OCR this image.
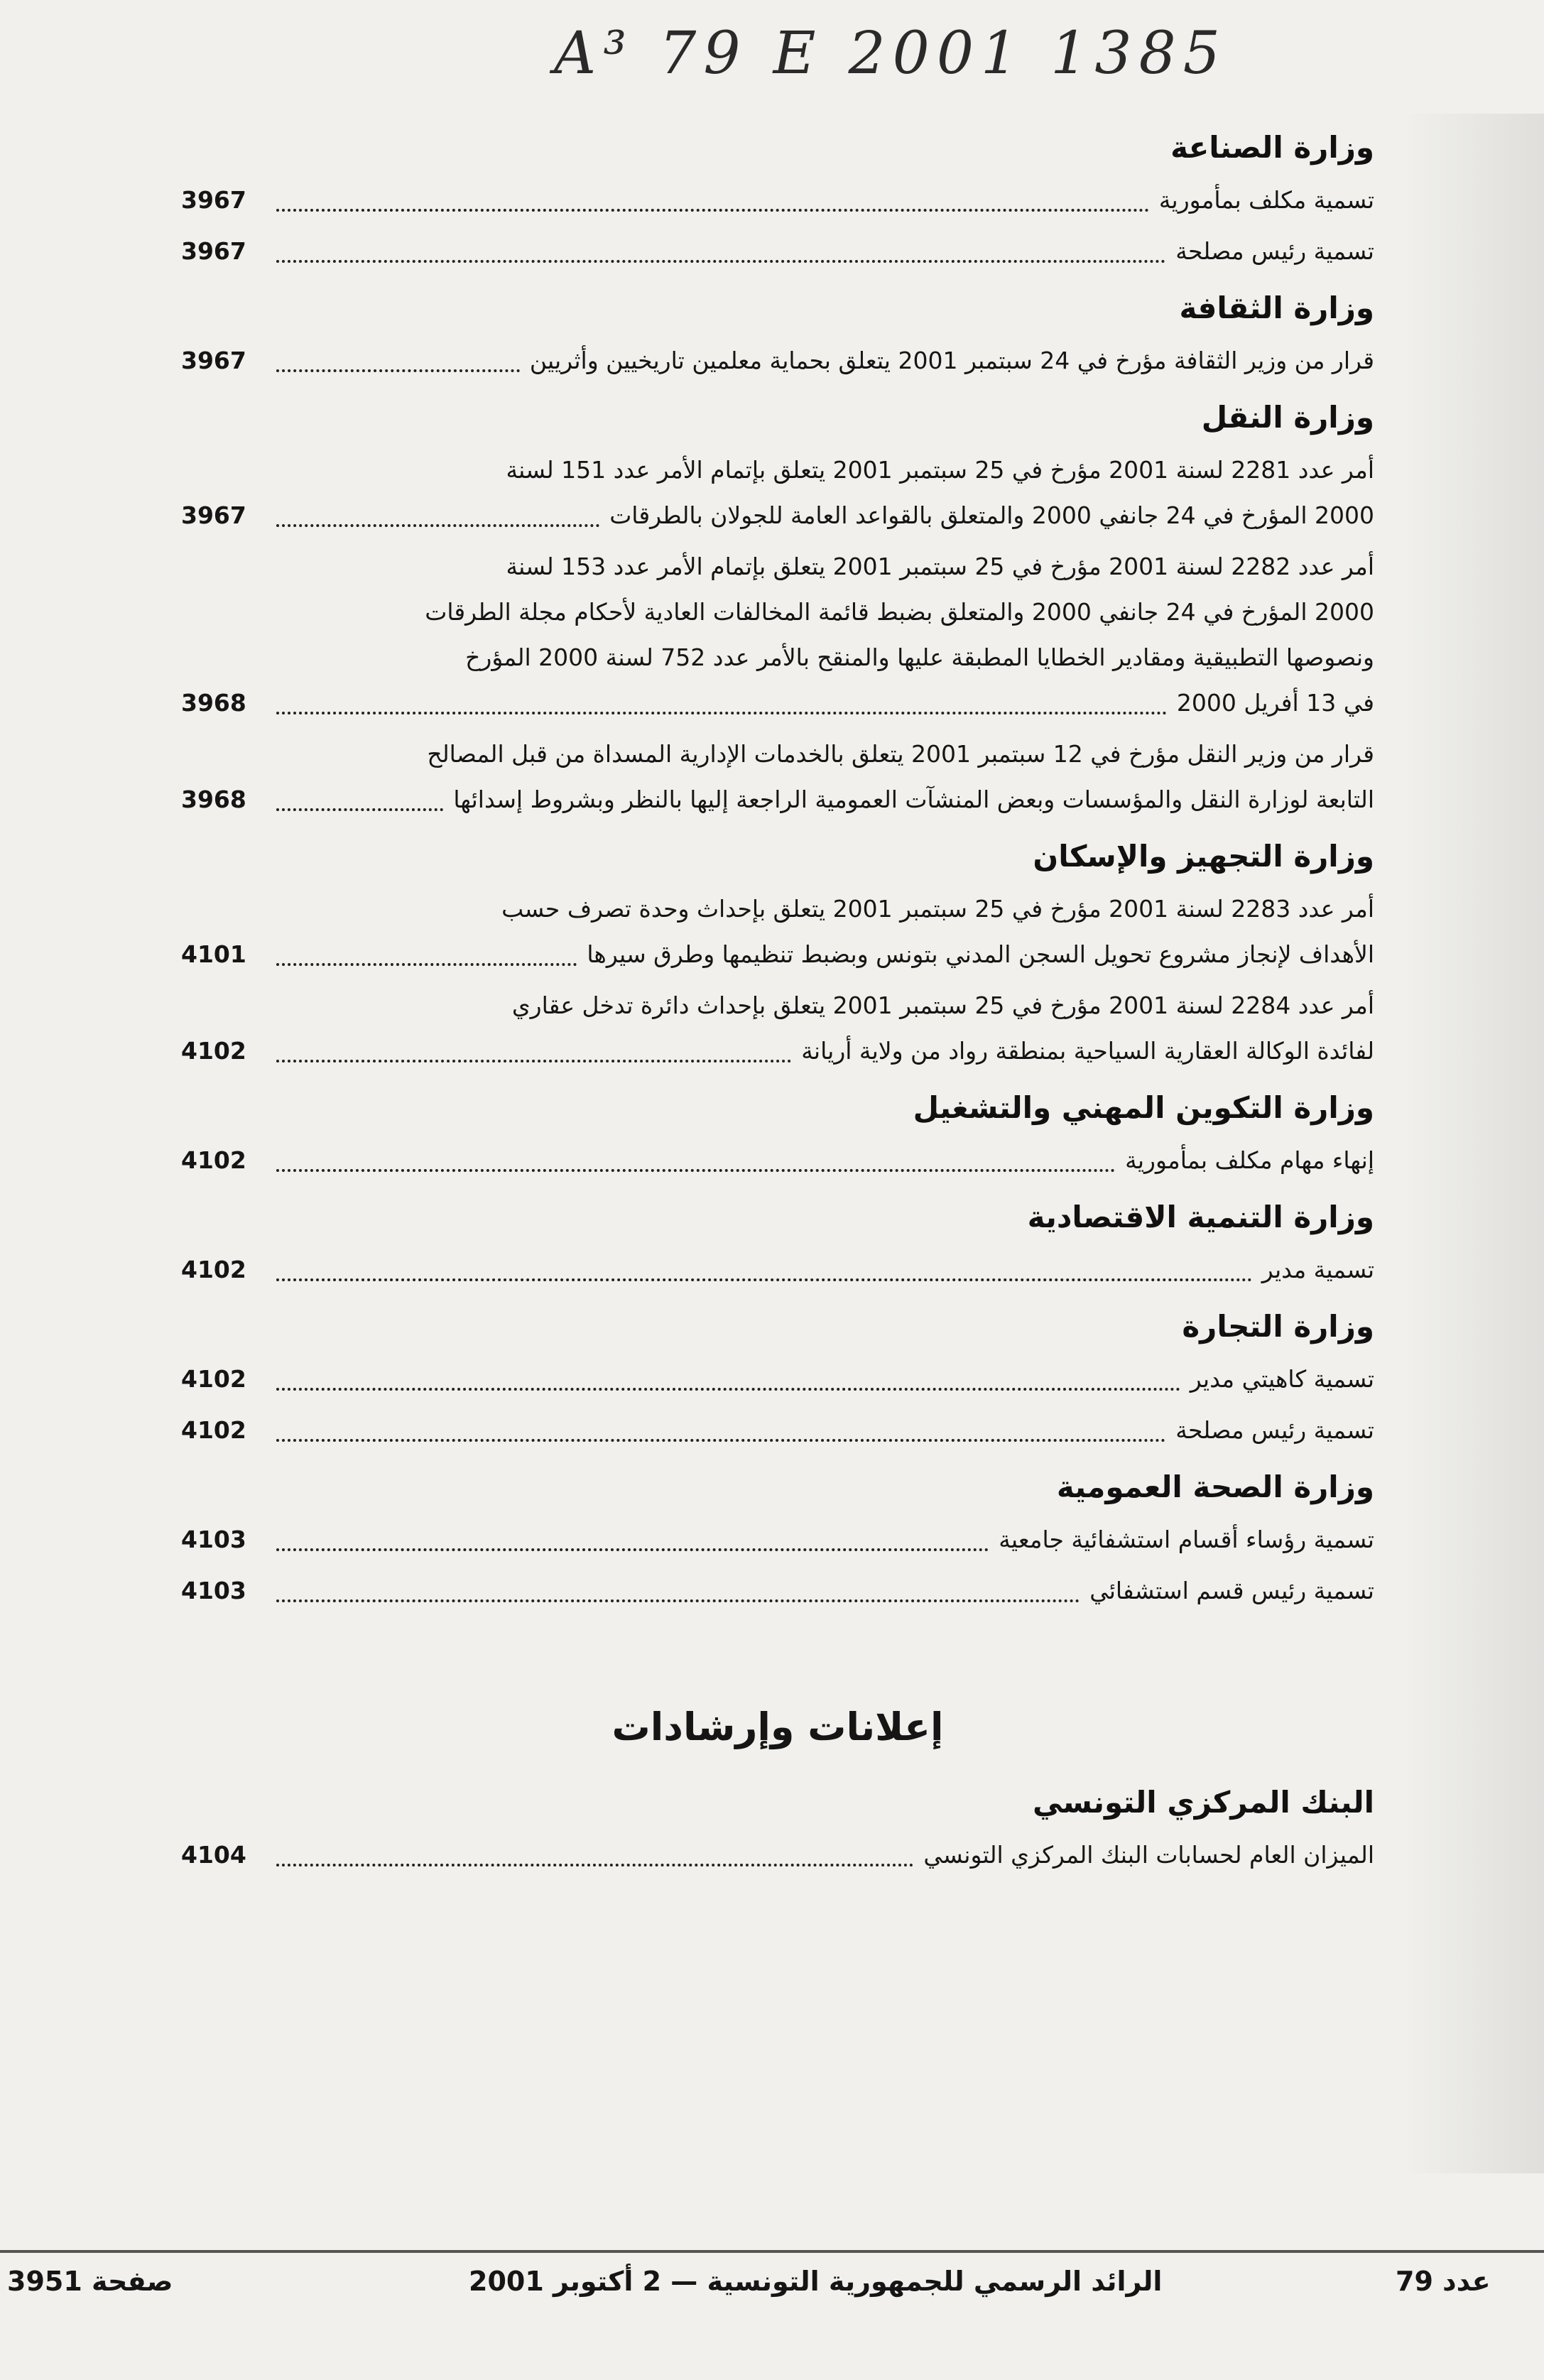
A³ 79 E 2001 1385
وزارة الصناعة
تسمية مكلف بمأمورية
3967
تسمية رئيس مصلحة
3967
وزارة الثقافة
قرار من وزير الثقافة مؤرخ في 24 سبتمبر 2001 يتعلق بحماية معلمين تاريخيين وأثريين
3967
وزارة النقل
أمر عدد 2281 لسنة 2001 مؤرخ في 25 سبتمبر 2001 يتعلق بإتمام الأمر عدد 151 لسنة
2000 المؤرخ في 24 جانفي 2000 والمتعلق بالقواعد العامة للجولان بالطرقات
3967
أمر عدد 2282 لسنة 2001 مؤرخ في 25 سبتمبر 2001 يتعلق بإتمام الأمر عدد 153 لسنة
2000 المؤرخ في 24 جانفي 2000 والمتعلق بضبط قائمة المخالفات العادية لأحكام مجلة الطرقات
ونصوصها التطبيقية ومقادير الخطايا المطبقة عليها والمنقح بالأمر عدد 752 لسنة 2000 المؤرخ
في 13 أفريل 2000
3968
قرار من وزير النقل مؤرخ في 12 سبتمبر 2001 يتعلق بالخدمات الإدارية المسداة من قبل المصالح
التابعة لوزارة النقل والمؤسسات وبعض المنشآت العمومية الراجعة إليها بالنظر وبشروط إسدائها
3968
وزارة التجهيز والإسكان
أمر عدد 2283 لسنة 2001 مؤرخ في 25 سبتمبر 2001 يتعلق بإحداث وحدة تصرف حسب
الأهداف لإنجاز مشروع تحويل السجن المدني بتونس وبضبط تنظيمها وطرق سيرها
4101
أمر عدد 2284 لسنة 2001 مؤرخ في 25 سبتمبر 2001 يتعلق بإحداث دائرة تدخل عقاري
لفائدة الوكالة العقارية السياحية بمنطقة رواد من ولاية أريانة
4102
وزارة التكوين المهني والتشغيل
إنهاء مهام مكلف بمأمورية
4102
وزارة التنمية الاقتصادية
تسمية مدير
4102
وزارة التجارة
تسمية كاهيتي مدير
4102
تسمية رئيس مصلحة
4102
وزارة الصحة العمومية
تسمية رؤساء أقسام استشفائية جامعية
4103
تسمية رئيس قسم استشفائي
4103
إعلانات وإرشادات
البنك المركزي التونسي
الميزان العام لحسابات البنك المركزي التونسي
4104
صفحة 3951	الرائد الرسمي للجمهورية التونسية — 2 أكتوبر 2001	عدد 79
